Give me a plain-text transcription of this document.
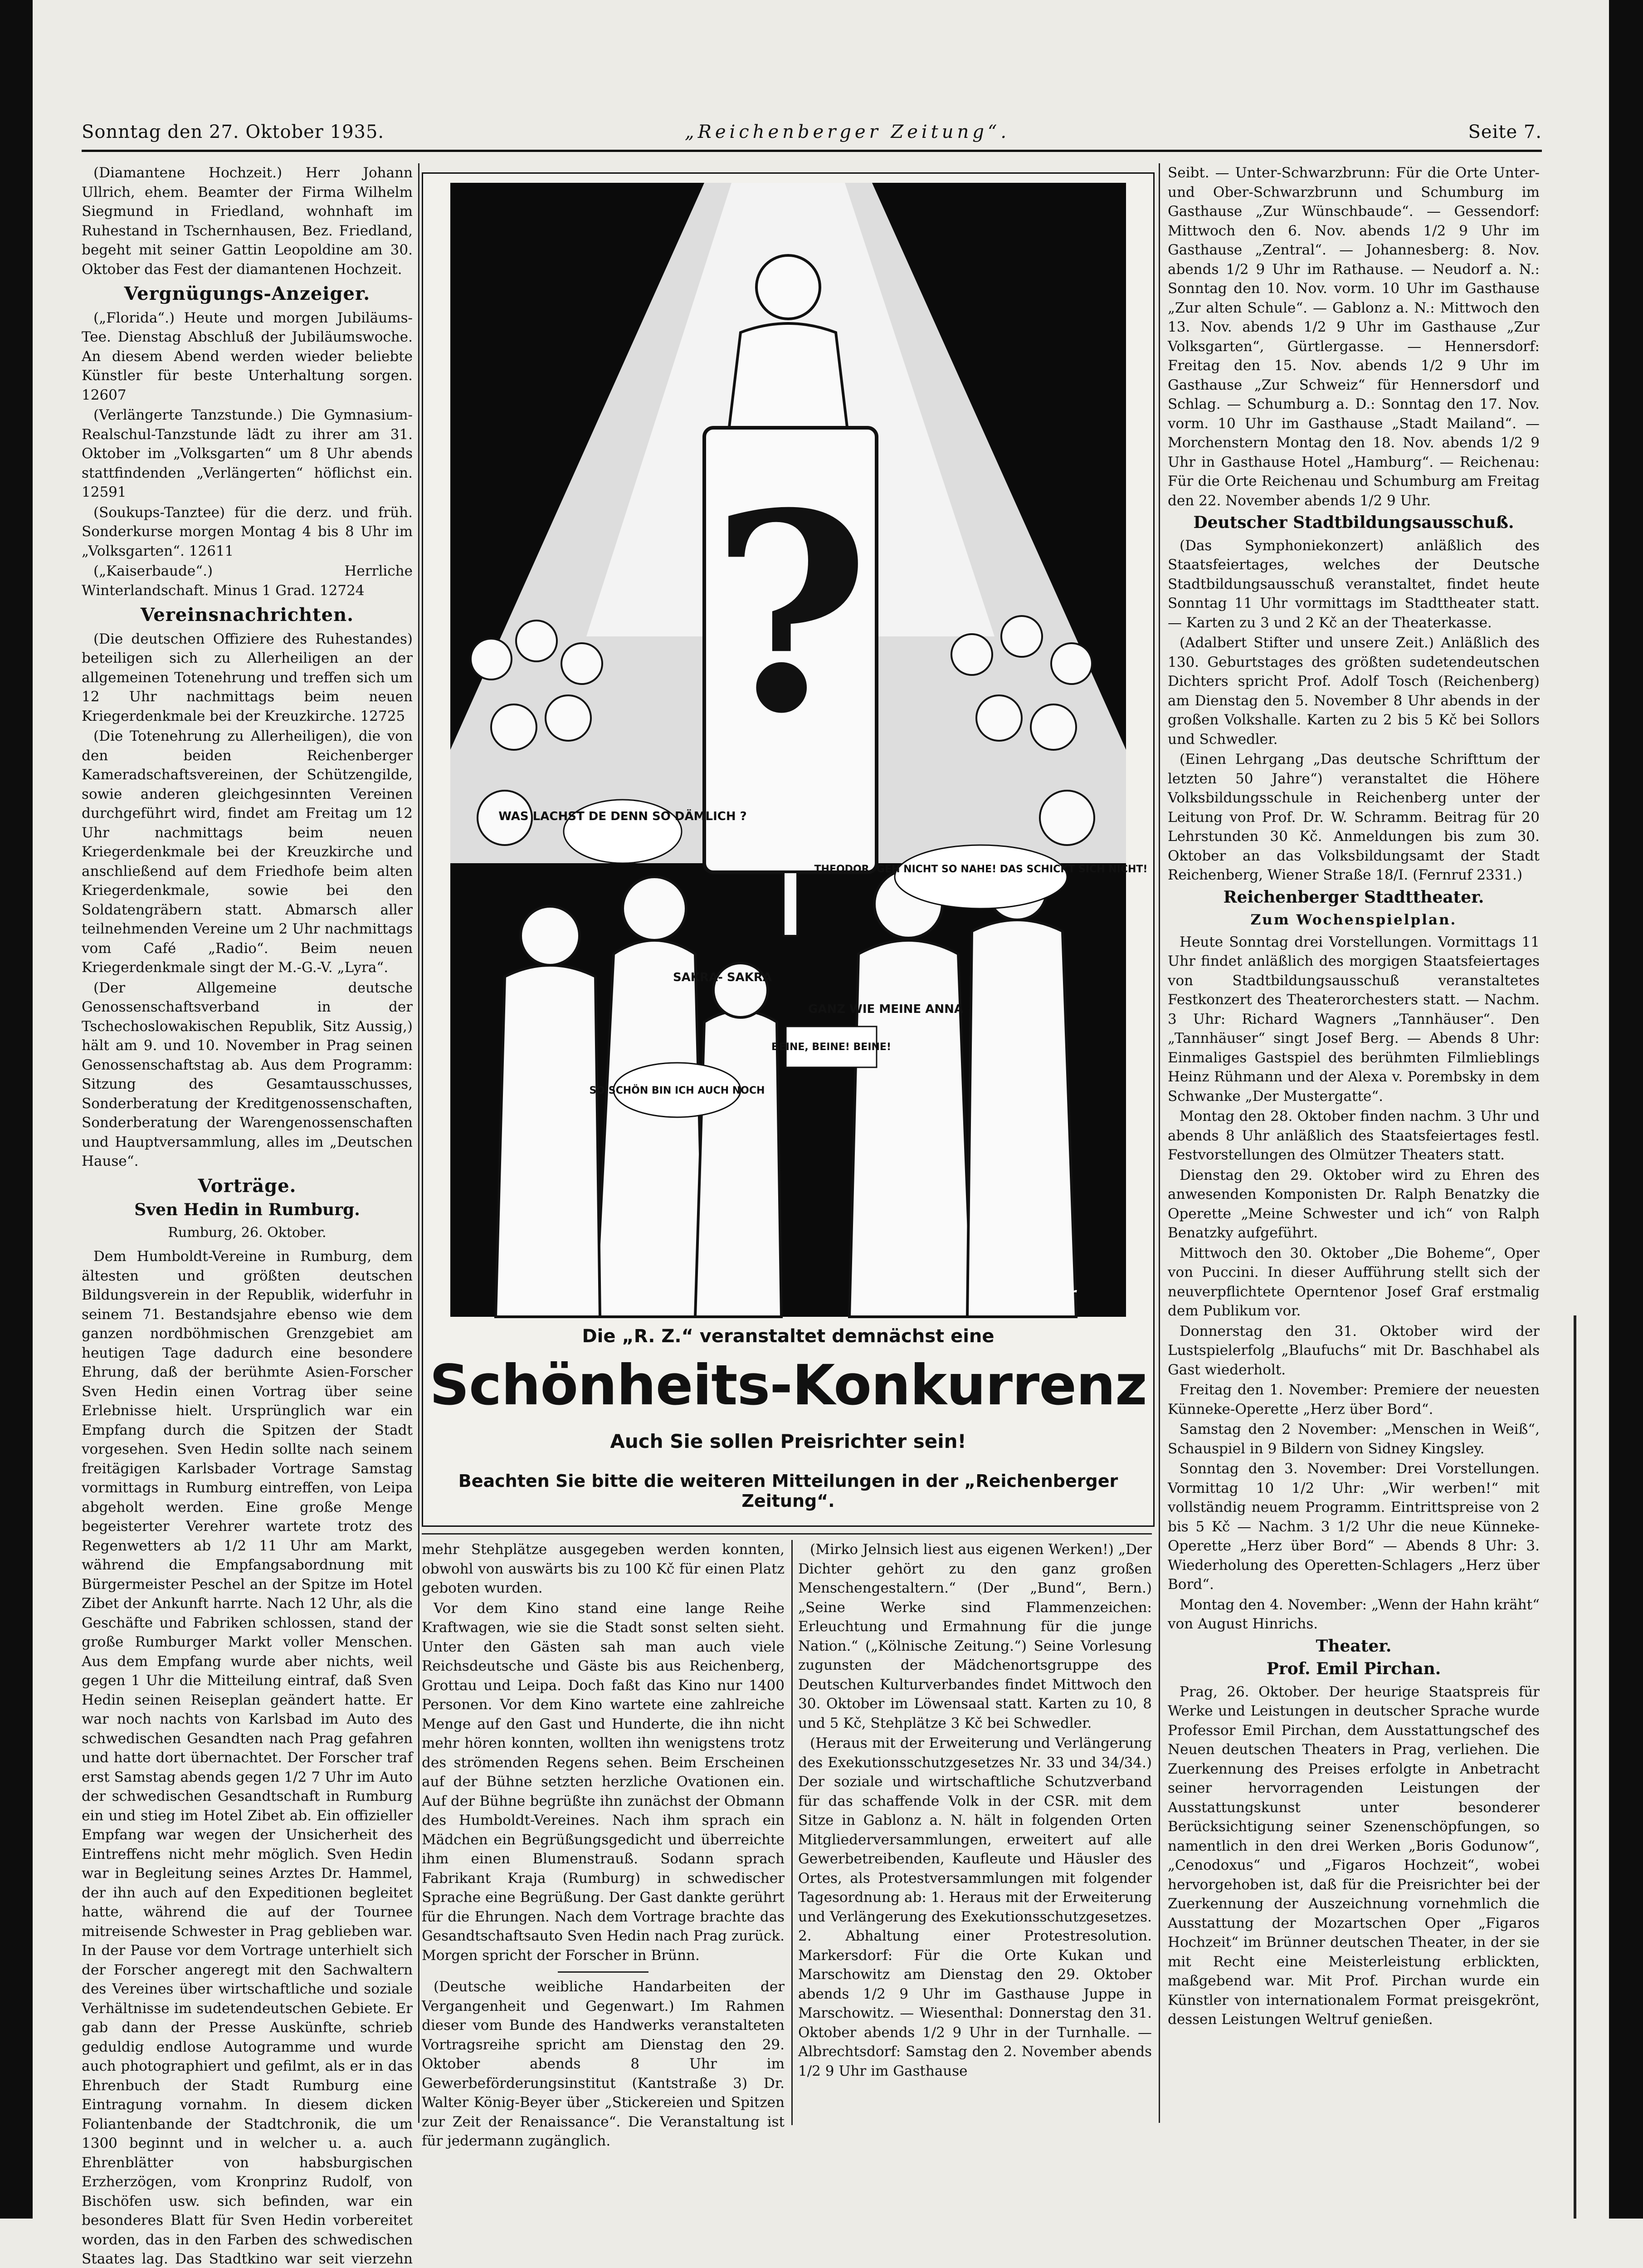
Sonntag den 27. Oktober 1935.	„Reichenberger Zeitung“.	Seite 7.

(Diamantene Hochzeit.) Herr Johann Ullrich, ehem. Beamter der Firma Wilhelm Siegmund in Friedland, wohnhaft im Ruhestand in Tschernhausen, Bez. Friedland, begeht mit seiner Gattin Leopoldine am 30. Oktober das Fest der diamantenen Hochzeit.

Vergnügungs-Anzeiger.

(„Florida“.) Heute und morgen Jubiläums-Tee. Dienstag Abschluß der Jubiläumswoche. An diesem Abend werden wieder beliebte Künstler für beste Unterhaltung sorgen. 12607

(Verlängerte Tanzstunde.) Die Gymnasium-Realschul-Tanzstunde lädt zu ihrer am 31. Oktober im „Volksgarten“ um 8 Uhr abends stattfindenden „Verlängerten“ höflichst ein. 12591

(Soukups-Tanztee) für die derz. und früh. Sonderkurse morgen Montag 4 bis 8 Uhr im „Volksgarten“. 12611

(„Kaiserbaude“.) Herrliche Winterlandschaft. Minus 1 Grad. 12724

Vereinsnachrichten.

(Die deutschen Offiziere des Ruhestandes) beteiligen sich zu Allerheiligen an der allgemeinen Totenehrung und treffen sich um 12 Uhr nachmittags beim neuen Kriegerdenkmale bei der Kreuzkirche. 12725

(Die Totenehrung zu Allerheiligen), die von den beiden Reichenberger Kameradschaftsvereinen, der Schützengilde, sowie anderen gleichgesinnten Vereinen durchgeführt wird, findet am Freitag um 12 Uhr nachmittags beim neuen Kriegerdenkmale bei der Kreuzkirche und anschließend auf dem Friedhofe beim alten Kriegerdenkmale, sowie bei den Soldatengräbern statt. Abmarsch aller teilnehmenden Vereine um 2 Uhr nachmittags vom Café „Radio“. Beim neuen Kriegerdenkmale singt der M.-G.-V. „Lyra“.

(Der Allgemeine deutsche Genossenschaftsverband in der Tschechoslowakischen Republik, Sitz Aussig,) hält am 9. und 10. November in Prag seinen Genossenschaftstag ab. Aus dem Programm: Sitzung des Gesamtausschusses, Sonderberatung der Kreditgenossenschaften, Sonderberatung der Warengenossenschaften und Hauptversammlung, alles im „Deutschen Hause“.

Vorträge.
Sven Hedin in Rumburg.
Rumburg, 26. Oktober.

Dem Humboldt-Vereine in Rumburg, dem ältesten und größten deutschen Bildungsverein in der Republik, widerfuhr in seinem 71. Bestandsjahre ebenso wie dem ganzen nordböhmischen Grenzgebiet am heutigen Tage dadurch eine besondere Ehrung, daß der berühmte Asien-Forscher Sven Hedin einen Vortrag über seine Erlebnisse hielt. Ursprünglich war ein Empfang durch die Spitzen der Stadt vorgesehen. Sven Hedin sollte nach seinem freitägigen Karlsbader Vortrage Samstag vormittags in Rumburg eintreffen, von Leipa abgeholt werden. Eine große Menge begeisterter Verehrer wartete trotz des Regenwetters ab 1/2 11 Uhr am Markt, während die Empfangsabordnung mit Bürgermeister Peschel an der Spitze im Hotel Zibet der Ankunft harrte. Nach 12 Uhr, als die Geschäfte und Fabriken schlossen, stand der große Rumburger Markt voller Menschen. Aus dem Empfang wurde aber nichts, weil gegen 1 Uhr die Mitteilung eintraf, daß Sven Hedin seinen Reiseplan geändert hatte. Er war noch nachts von Karlsbad im Auto des schwedischen Gesandten nach Prag gefahren und hatte dort übernachtet. Der Forscher traf erst Samstag abends gegen 1/2 7 Uhr im Auto der schwedischen Gesandtschaft in Rumburg ein und stieg im Hotel Zibet ab. Ein offizieller Empfang war wegen der Unsicherheit des Eintreffens nicht mehr möglich. Sven Hedin war in Begleitung seines Arztes Dr. Hammel, der ihn auch auf den Expeditionen begleitet hatte, während die auf der Tournee mitreisende Schwester in Prag geblieben war. In der Pause vor dem Vortrage unterhielt sich der Forscher angeregt mit den Sachwaltern des Vereines über wirtschaftliche und soziale Verhältnisse im sudetendeutschen Gebiete. Er gab dann der Presse Auskünfte, schrieb geduldig endlose Autogramme und wurde auch photographiert und gefilmt, als er in das Ehrenbuch der Stadt Rumburg eine Eintragung vornahm. In diesem dicken Foliantenbande der Stadtchronik, die um 1300 beginnt und in welcher u. a. auch Ehrenblätter von habsburgischen Erzherzögen, vom Kronprinz Rudolf, von Bischöfen usw. sich befinden, war ein besonderes Blatt für Sven Hedin vorbereitet worden, das in den Farben des schwedischen Staates lag. Das Stadtkino war seit vierzehn

?
WAS LACHST DE DENN SO DÄMLICH ?
THEODOR, GEH NICHT SO NAHE! DAS SCHICKT SICH NICHT!
SAKRA- SAKRA
GANZ WIE MEINE ANNA
BEINE, BEINE! BEINE!
SO SCHÖN BIN ICH AUCH NOCH
Dressler
Die „R. Z.“ veranstaltet demnächst eine
Schönheits-Konkurrenz
Auch Sie sollen Preisrichter sein!
Beachten Sie bitte die weiteren Mitteilungen in der „Reichenberger Zeitung“.

mehr Stehplätze ausgegeben werden konnten, obwohl von auswärts bis zu 100 Kč für einen Platz geboten wurden.

Vor dem Kino stand eine lange Reihe Kraftwagen, wie sie die Stadt sonst selten sieht. Unter den Gästen sah man auch viele Reichsdeutsche und Gäste bis aus Reichenberg, Grottau und Leipa. Doch faßt das Kino nur 1400 Personen. Vor dem Kino wartete eine zahlreiche Menge auf den Gast und Hunderte, die ihn nicht mehr hören konnten, wollten ihn wenigstens trotz des strömenden Regens sehen. Beim Erscheinen auf der Bühne setzten herzliche Ovationen ein. Auf der Bühne begrüßte ihn zunächst der Obmann des Humboldt-Vereines. Nach ihm sprach ein Mädchen ein Begrüßungsgedicht und überreichte ihm einen Blumenstrauß. Sodann sprach Fabrikant Kraja (Rumburg) in schwedischer Sprache eine Begrüßung. Der Gast dankte gerührt für die Ehrungen. Nach dem Vortrage brachte das Gesandtschaftsauto Sven Hedin nach Prag zurück. Morgen spricht der Forscher in Brünn.

(Deutsche weibliche Handarbeiten der Vergangenheit und Gegenwart.) Im Rahmen dieser vom Bunde des Handwerks veranstalteten Vortragsreihe spricht am Dienstag den 29. Oktober abends 8 Uhr im Gewerbeförderungsinstitut (Kantstraße 3) Dr. Walter König-Beyer über „Stickereien und Spitzen zur Zeit der Renaissance“. Die Veranstaltung ist für jedermann zugänglich.

(Mirko Jelnsich liest aus eigenen Werken!) „Der Dichter gehört zu den ganz großen Menschengestaltern.“ (Der „Bund“, Bern.) „Seine Werke sind Flammenzeichen: Erleuchtung und Ermahnung für die junge Nation.“ („Kölnische Zeitung.“) Seine Vorlesung zugunsten der Mädchenortsgruppe des Deutschen Kulturverbandes findet Mittwoch den 30. Oktober im Löwensaal statt. Karten zu 10, 8 und 5 Kč, Stehplätze 3 Kč bei Schwedler.

(Heraus mit der Erweiterung und Verlängerung des Exekutionsschutzgesetzes Nr. 33 und 34/34.) Der soziale und wirtschaftliche Schutzverband für das schaffende Volk in der CSR. mit dem Sitze in Gablonz a. N. hält in folgenden Orten Mitgliederversammlungen, erweitert auf alle Gewerbetreibenden, Kaufleute und Häusler des Ortes, als Protestversammlungen mit folgender Tagesordnung ab: 1. Heraus mit der Erweiterung und Verlängerung des Exekutionsschutzgesetzes. 2. Abhaltung einer Protestresolution. Markersdorf: Für die Orte Kukan und Marschowitz am Dienstag den 29. Oktober abends 1/2 9 Uhr im Gasthause Juppe in Marschowitz. — Wiesenthal: Donnerstag den 31. Oktober abends 1/2 9 Uhr in der Turnhalle. — Albrechtsdorf: Samstag den 2. November abends 1/2 9 Uhr im Gasthause

Seibt. — Unter-Schwarzbrunn: Für die Orte Unter- und Ober-Schwarzbrunn und Schumburg im Gasthause „Zur Wünschbaude“. — Gessendorf: Mittwoch den 6. Nov. abends 1/2 9 Uhr im Gasthause „Zentral“. — Johannesberg: 8. Nov. abends 1/2 9 Uhr im Rathause. — Neudorf a. N.: Sonntag den 10. Nov. vorm. 10 Uhr im Gasthause „Zur alten Schule“. — Gablonz a. N.: Mittwoch den 13. Nov. abends 1/2 9 Uhr im Gasthause „Zur Volksgarten“, Gürtlergasse. — Hennersdorf: Freitag den 15. Nov. abends 1/2 9 Uhr im Gasthause „Zur Schweiz“ für Hennersdorf und Schlag. — Schumburg a. D.: Sonntag den 17. Nov. vorm. 10 Uhr im Gasthause „Stadt Mailand“. — Morchenstern Montag den 18. Nov. abends 1/2 9 Uhr in Gasthause Hotel „Hamburg“. — Reichenau: Für die Orte Reichenau und Schumburg am Freitag den 22. November abends 1/2 9 Uhr.

Deutscher Stadtbildungsausschuß.

(Das Symphoniekonzert) anläßlich des Staatsfeiertages, welches der Deutsche Stadtbildungsausschuß veranstaltet, findet heute Sonntag 11 Uhr vormittags im Stadttheater statt. — Karten zu 3 und 2 Kč an der Theaterkasse.

(Adalbert Stifter und unsere Zeit.) Anläßlich des 130. Geburtstages des größten sudetendeutschen Dichters spricht Prof. Adolf Tosch (Reichenberg) am Dienstag den 5. November 8 Uhr abends in der großen Volkshalle. Karten zu 2 bis 5 Kč bei Sollors und Schwedler.

(Einen Lehrgang „Das deutsche Schrifttum der letzten 50 Jahre“) veranstaltet die Höhere Volksbildungsschule in Reichenberg unter der Leitung von Prof. Dr. W. Schramm. Beitrag für 20 Lehrstunden 30 Kč. Anmeldungen bis zum 30. Oktober an das Volksbildungsamt der Stadt Reichenberg, Wiener Straße 18/I. (Fernruf 2331.)

Reichenberger Stadttheater.
Zum Wochenspielplan.

Heute Sonntag drei Vorstellungen. Vormittags 11 Uhr findet anläßlich des morgigen Staatsfeiertages von Stadtbildungsausschuß veranstaltetes Festkonzert des Theaterorchesters statt. — Nachm. 3 Uhr: Richard Wagners „Tannhäuser“. Den „Tannhäuser“ singt Josef Berg. — Abends 8 Uhr: Einmaliges Gastspiel des berühmten Filmlieblings Heinz Rühmann und der Alexa v. Porembsky in dem Schwanke „Der Mustergatte“.

Montag den 28. Oktober finden nachm. 3 Uhr und abends 8 Uhr anläßlich des Staatsfeiertages festl. Festvorstellungen des Olmützer Theaters statt.

Dienstag den 29. Oktober wird zu Ehren des anwesenden Komponisten Dr. Ralph Benatzky die Operette „Meine Schwester und ich“ von Ralph Benatzky aufgeführt.

Mittwoch den 30. Oktober „Die Boheme“, Oper von Puccini. In dieser Aufführung stellt sich der neuverpflichtete Operntenor Josef Graf erstmalig dem Publikum vor.

Donnerstag den 31. Oktober wird der Lustspielerfolg „Blaufuchs“ mit Dr. Baschhabel als Gast wiederholt.

Freitag den 1. November: Premiere der neuesten Künneke-Operette „Herz über Bord“.

Samstag den 2 November: „Menschen in Weiß“, Schauspiel in 9 Bildern von Sidney Kingsley.

Sonntag den 3. November: Drei Vorstellungen. Vormittag 10 1/2 Uhr: „Wir werben!“ mit vollständig neuem Programm. Eintrittspreise von 2 bis 5 Kč — Nachm. 3 1/2 Uhr die neue Künneke-Operette „Herz über Bord“ — Abends 8 Uhr: 3. Wiederholung des Operetten-Schlagers „Herz über Bord“.

Montag den 4. November: „Wenn der Hahn kräht“ von August Hinrichs.

Theater.
Prof. Emil Pirchan.

Prag, 26. Oktober. Der heurige Staatspreis für Werke und Leistungen in deutscher Sprache wurde Professor Emil Pirchan, dem Ausstattungschef des Neuen deutschen Theaters in Prag, verliehen. Die Zuerkennung des Preises erfolgte in Anbetracht seiner hervorragenden Leistungen der Ausstattungskunst unter besonderer Berücksichtigung seiner Szenenschöpfungen, so namentlich in den drei Werken „Boris Godunow“, „Cenodoxus“ und „Figaros Hochzeit“, wobei hervorgehoben ist, daß für die Preisrichter bei der Zuerkennung der Auszeichnung vornehmlich die Ausstattung der Mozartschen Oper „Figaros Hochzeit“ im Brünner deutschen Theater, in der sie mit Recht eine Meisterleistung erblickten, maßgebend war. Mit Prof. Pirchan wurde ein Künstler von internationalem Format preisgekrönt, dessen Leistungen Weltruf genießen.
